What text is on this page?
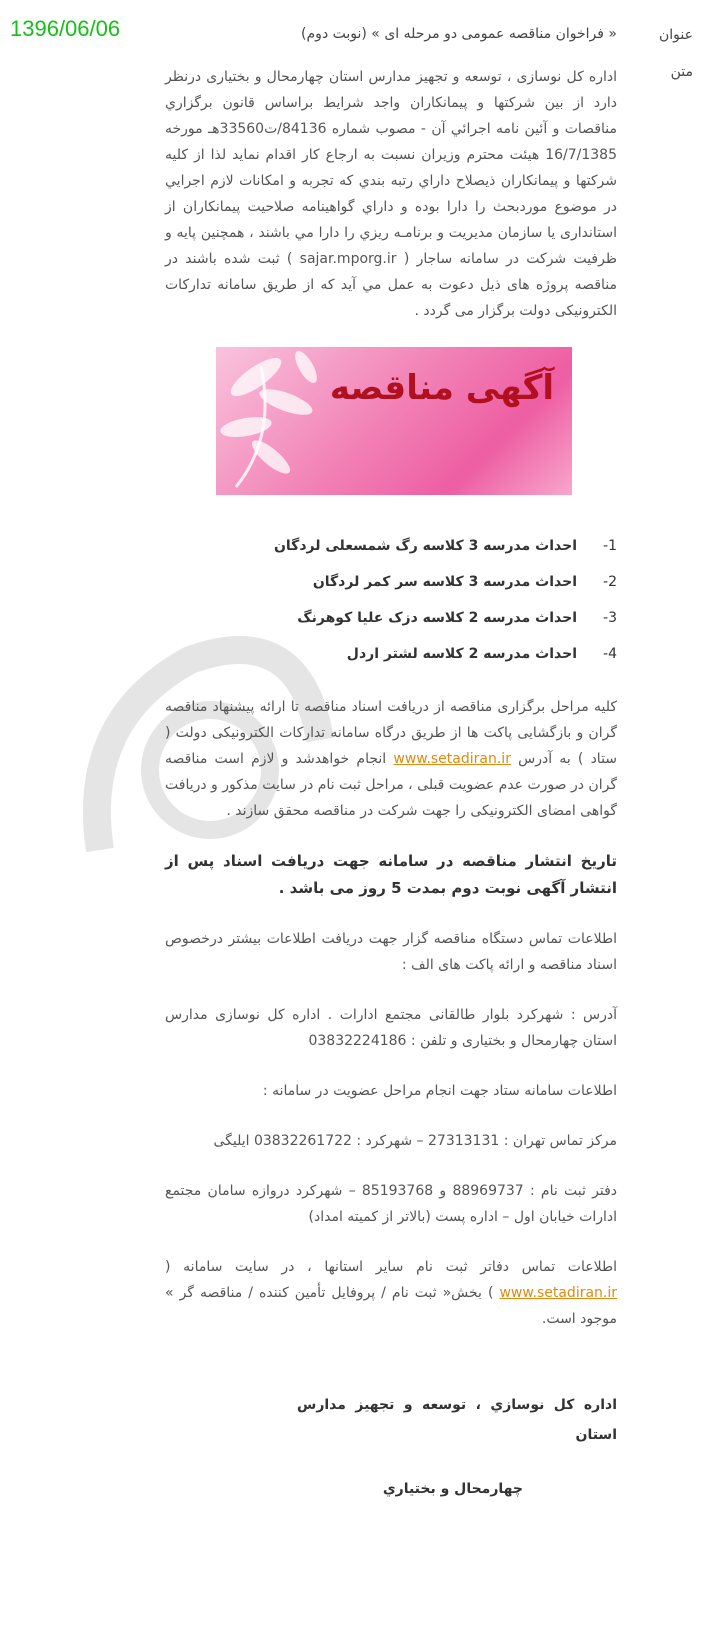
1396/06/06	عنوان
متن
« فراخوان مناقصه عمومی دو مرحله ای » (نوبت دوم)

اداره کل نوسازی ، توسعه و تجهیز مدارس استان چهارمحال و بختیاری درنظر دارد از بین شرکتها و پیمانکاران واجد شرایط براساس قانون برگزاري مناقصات و آئين نامه اجرائي آن - مصوب شماره 84136/ت33560هـ مورخه 16/7/1385 هیئت محترم وزيران نسبت به ارجاع كار اقدام نمايد لذا از كليه شركتها و پيمانكاران ذيصلاح داراي رتبه بندي كه تجربه و امكانات لازم اجرايي در موضوع موردبحث را دارا بوده و داراي گواهینامه صلاحیت پیمانکاران از استانداری یا سازمان مديريت و برنامـه ريزي را دارا مي باشند ، همچنین پایه و ظرفیت شرکت در سامانه ساجار ( sajar.mporg.ir ) ثبت شده باشند در مناقصه پروژه های ذیل دعوت به عمل مي آيد كه از طریق سامانه تدارکات الکترونیکی دولت برگزار می گردد .

آگهی مناقصه
-1
احداث مدرسه 3 کلاسه رگ شمسعلی لردگان
-2
احداث مدرسه 3 کلاسه سر کمر لردگان
-3
احداث مدرسه 2 کلاسه دزک علیا کوهرنگ
-4
احداث مدرسه 2 کلاسه لشتر اردل

کلیه مراحل برگزاری مناقصه از دریافت اسناد مناقصه تا ارائه پیشنهاد مناقصه گران و بازگشایی پاکت ها از طریق درگاه سامانه تدارکات الکترونیکی دولت ( ستاد ) به آدرس www.setadiran.ir انجام خواهدشد و لازم است مناقصه گران در صورت عدم عضویت قبلی ، مراحل ثبت نام در سایت مذکور و دریافت گواهی امضای الکترونیکی را جهت شرکت در مناقصه محقق سازند .

تاریخ انتشار مناقصه در سامانه جهت دریافت اسناد پس از انتشار آگهی نوبت دوم بمدت 5 روز می باشد .

اطلاعات تماس دستگاه مناقصه گزار جهت دریافت اطلاعات بیشتر درخصوص اسناد مناقصه و ارائه پاکت های الف :

آدرس : شهرکرد بلوار طالقانی مجتمع ادارات . اداره کل نوسازی مدارس استان چهارمحال و بختیاری و تلفن : 03832224186

اطلاعات سامانه ستاد جهت انجام مراحل عضویت در سامانه :

مرکز تماس تهران : 27313131 – شهرکرد : 03832261722 ایلیگی

دفتر ثبت نام : 88969737 و 85193768 – شهرکرد دروازه سامان مجتمع ادارات خیابان اول – اداره پست (بالاتر از کمیته امداد)

اطلاعات تماس دفاتر ثبت نام سایر استانها ، در سایت سامانه ( www.setadiran.ir ) بخش« ثبت نام / پروفایل تأمین کننده / مناقصه گر » موجود است.

اداره کل نوسازي ، توسعه و تجهيز مدارس استان

چهارمحال و بختياري
